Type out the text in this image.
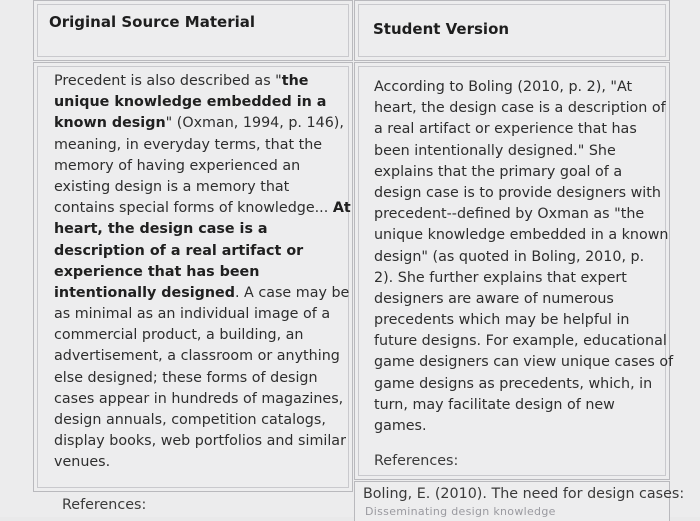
Original Source Material	Student Version
Precedent is also described as "the
unique knowledge embedded in a
known design" (Oxman, 1994, p. 146),
meaning, in everyday terms, that the
memory of having experienced an
existing design is a memory that
contains special forms of knowledge... At
heart, the design case is a
description of a real artifact or
experience that has been
intentionally designed. A case may be
as minimal as an individual image of a
commercial product, a building, an
advertisement, a classroom or anything
else designed; these forms of design
cases appear in hundreds of magazines,
design annuals, competition catalogs,
display books, web portfolios and similar
venues.
According to Boling (2010, p. 2), "At
heart, the design case is a description of
a real artifact or experience that has
been intentionally designed." She
explains that the primary goal of a
design case is to provide designers with
precedent--defined by Oxman as "the
unique knowledge embedded in a known
design" (as quoted in Boling, 2010, p.
2). She further explains that expert
designers are aware of numerous
precedents which may be helpful in
future designs. For example, educational
game designers can view unique cases of
game designs as precedents, which, in
turn, may facilitate design of new
games.
References:
References:
Boling, E. (2010). The need for design cases:
Disseminating design knowledge
